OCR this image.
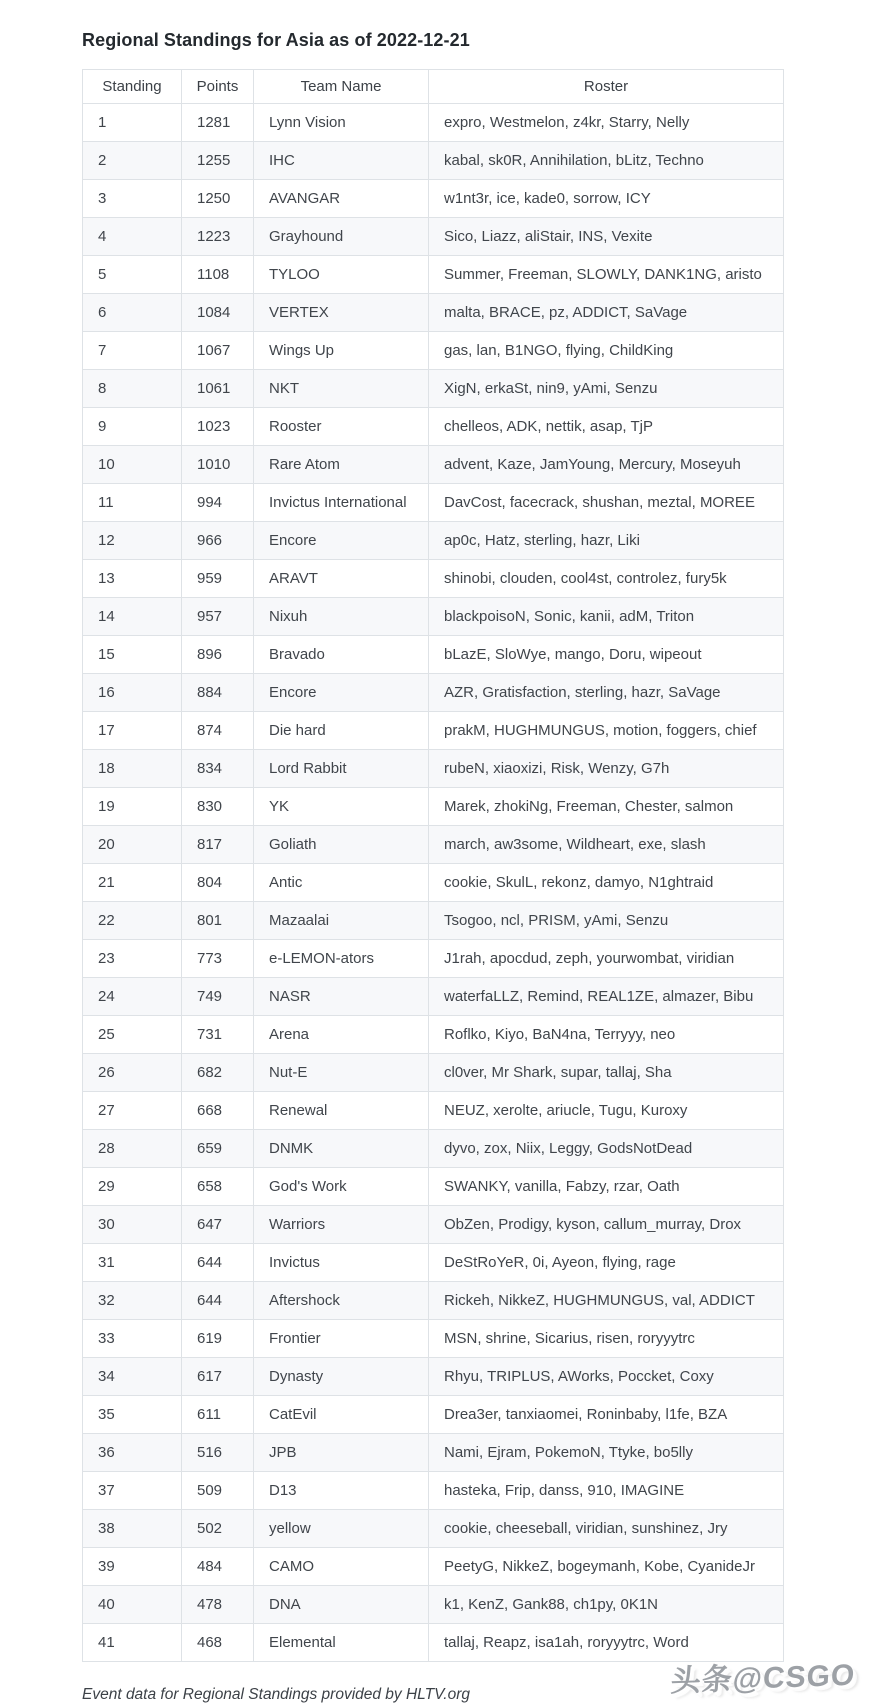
Regional Standings for Asia as of 2022-12-21
Standing	Points	Team Name	Roster
1	1281	Lynn Vision	expro, Westmelon, z4kr, Starry, Nelly
2	1255	IHC	kabal, sk0R, Annihilation, bLitz, Techno
3	1250	AVANGAR	w1nt3r, ice, kade0, sorrow, ICY
4	1223	Grayhound	Sico, Liazz, aliStair, INS, Vexite
5	1108	TYLOO	Summer, Freeman, SLOWLY, DANK1NG, aristo
6	1084	VERTEX	malta, BRACE, pz, ADDICT, SaVage
7	1067	Wings Up	gas, lan, B1NGO, flying, ChildKing
8	1061	NKT	XigN, erkaSt, nin9, yAmi, Senzu
9	1023	Rooster	chelleos, ADK, nettik, asap, TjP
10	1010	Rare Atom	advent, Kaze, JamYoung, Mercury, Moseyuh
11	994	Invictus International	DavCost, facecrack, shushan, meztal, MOREE
12	966	Encore	ap0c, Hatz, sterling, hazr, Liki
13	959	ARAVT	shinobi, clouden, cool4st, controlez, fury5k
14	957	Nixuh	blackpoisoN, Sonic, kanii, adM, Triton
15	896	Bravado	bLazE, SloWye, mango, Doru, wipeout
16	884	Encore	AZR, Gratisfaction, sterling, hazr, SaVage
17	874	Die hard	prakM, HUGHMUNGUS, motion, foggers, chief
18	834	Lord Rabbit	rubeN, xiaoxizi, Risk, Wenzy, G7h
19	830	YK	Marek, zhokiNg, Freeman, Chester, salmon
20	817	Goliath	march, aw3some, Wildheart, exe, slash
21	804	Antic	cookie, SkulL, rekonz, damyo, N1ghtraid
22	801	Mazaalai	Tsogoo, ncl, PRISM, yAmi, Senzu
23	773	e-LEMON-ators	J1rah, apocdud, zeph, yourwombat, viridian
24	749	NASR	waterfaLLZ, Remind, REAL1ZE, almazer, Bibu
25	731	Arena	Roflko, Kiyo, BaN4na, Terryyy, neo
26	682	Nut-E	cl0ver, Mr Shark, supar, tallaj, Sha
27	668	Renewal	NEUZ, xerolte, ariucle, Tugu, Kuroxy
28	659	DNMK	dyvo, zox, Niix, Leggy, GodsNotDead
29	658	God's Work	SWANKY, vanilla, Fabzy, rzar, Oath
30	647	Warriors	ObZen, Prodigy, kyson, callum_murray, Drox
31	644	Invictus	DeStRoYeR, 0i, Ayeon, flying, rage
32	644	Aftershock	Rickeh, NikkeZ, HUGHMUNGUS, val, ADDICT
33	619	Frontier	MSN, shrine, Sicarius, risen, roryyytrc
34	617	Dynasty	Rhyu, TRIPLUS, AWorks, Poccket, Coxy
35	611	CatEvil	Drea3er, tanxiaomei, Roninbaby, l1fe, BZA
36	516	JPB	Nami, Ejram, PokemoN, Ttyke, bo5lly
37	509	D13	hasteka, Frip, danss, 910, IMAGINE
38	502	yellow	cookie, cheeseball, viridian, sunshinez, Jry
39	484	CAMO	PeetyG, NikkeZ, bogeymanh, Kobe, CyanideJr
40	478	DNA	k1, KenZ, Gank88, ch1py, 0K1N
41	468	Elemental	tallaj, Reapz, isa1ah, roryyytrc, Word

Event data for Regional Standings provided by HLTV.org	头条@CSGO
